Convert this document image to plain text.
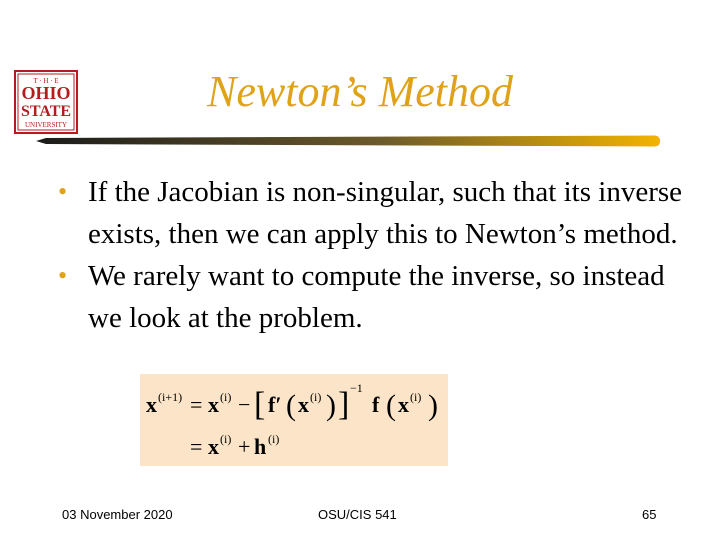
T · H · E
OHIO
STATE
UNIVERSITY
Newton’s Method
• If the Jacobian is non-singular, such that its inverse exists, then we can apply this to Newton’s method.
• We rarely want to compute the inverse, so instead we look at the problem.
x (i+1) = x (i) − [ f′ ( x (i) ) ] −1
f ( x (i) )
= x (i) + h (i)
03 November 2020	OSU/CIS 541	65
